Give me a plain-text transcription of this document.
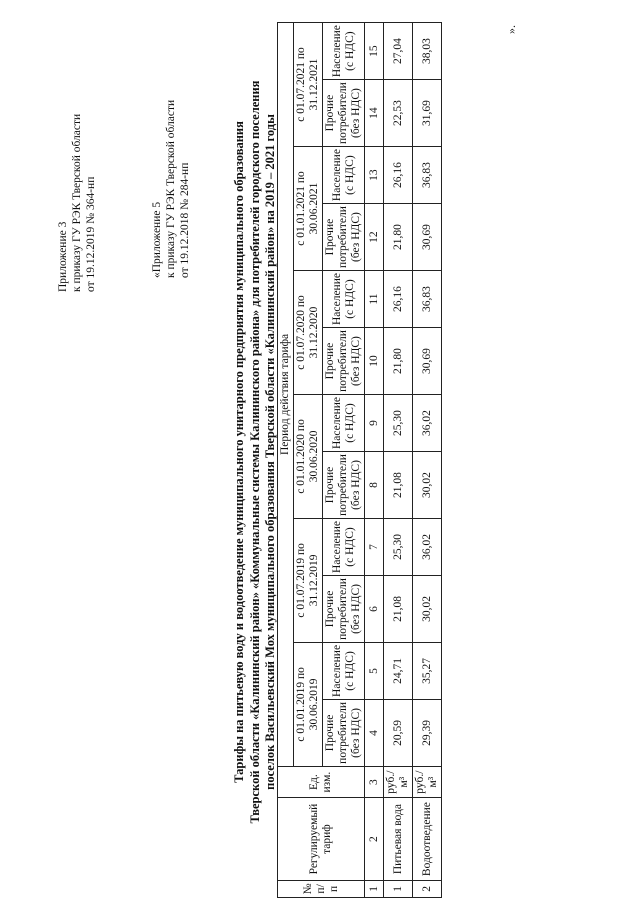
Приложение 3 к приказу ГУ РЭК Тверской области от 19.12.2019 № 364-нп	«Приложение 5 к приказу ГУ РЭК Тверской области от 19.12.2018 № 284-нп	Тарифы на питьевую воду и водоотведение муниципального унитарного предприятия муниципального образования Тверской области «Калининский район» «Коммунальные системы Калининского района» для потребителей городского поселения поселок Васильевский Мох муниципального образования Тверской области «Калининский район» на 2019 – 2021 годы
№ п/п	Регулируемый тариф	Ед. изм.	Период действия тарифа											
			с 01.01.2019 по 30.06.2019		с 01.07.2019 по 31.12.2019		с 01.01.2020 по 30.06.2020		с 01.07.2020 по 31.12.2020		с 01.01.2021 по 30.06.2021		с 01.07.2021 по 31.12.2021	
			Прочие потребители (без НДС)	Население (с НДС)	Прочие потребители (без НДС)	Население (с НДС)	Прочие потребители (без НДС)	Население (с НДС)	Прочие потребители (без НДС)	Население (с НДС)	Прочие потребители (без НДС)	Население (с НДС)	Прочие потребители (без НДС)	Население (с НДС)
1	2	3	4	5	6	7	8	9	10	11	12	13	14	15
1	Питьевая вода	руб./м³	20,59	24,71	21,08	25,30	21,08	25,30	21,80	26,16	21,80	26,16	22,53	27,04
2	Водоотведение	руб./м³	29,39	35,27	30,02	36,02	30,02	36,02	30,69	36,83	30,69	36,83	31,69	38,03
».
